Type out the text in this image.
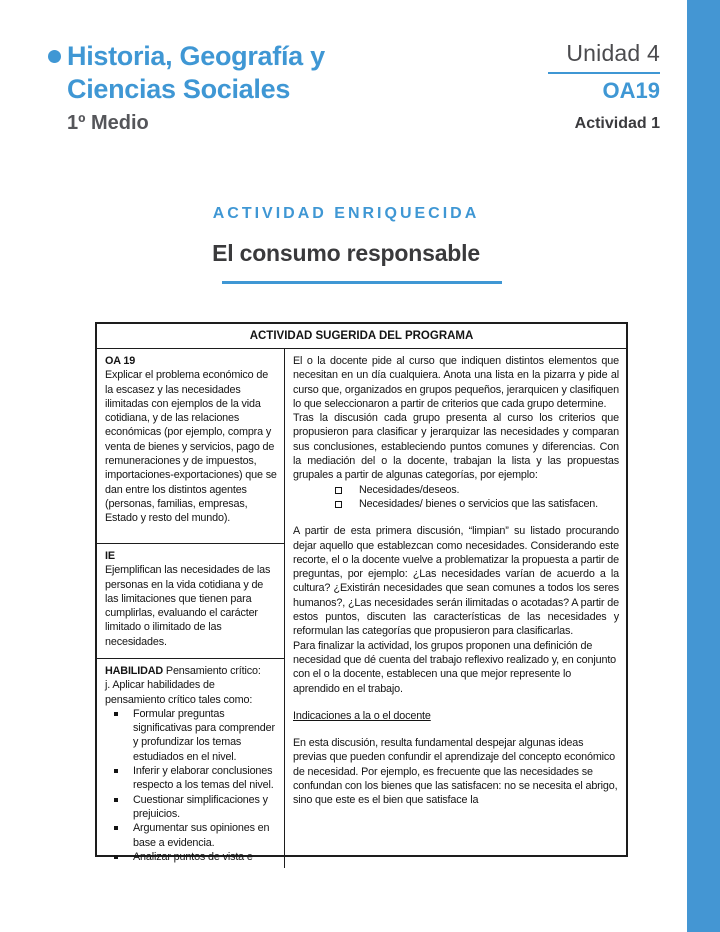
Historia, Geografía y
Ciencias Sociales
1º Medio
Unidad 4
OA19
Actividad 1
ACTIVIDAD ENRIQUECIDA
El consumo responsable
ACTIVIDAD SUGERIDA DEL PROGRAMA
OA 19
Explicar el problema económico de la escasez y las necesidades ilimitadas con ejemplos de la vida cotidiana, y de las relaciones económicas (por ejemplo, compra y venta de bienes y servicios, pago de remuneraciones y de impuestos, importaciones-exportaciones) que se dan entre los distintos agentes (personas, familias, empresas, Estado y resto del mundo).
IE
Ejemplifican las necesidades de las personas en la vida cotidiana y de las limitaciones que tienen para cumplirlas, evaluando el carácter limitado o ilimitado de las necesidades.
HABILIDAD Pensamiento crítico:
j. Aplicar habilidades de pensamiento crítico tales como:
Formular preguntas significativas para comprender y profundizar los temas estudiados en el nivel.
Inferir y elaborar conclusiones respecto a los temas del nivel.
Cuestionar simplificaciones y prejuicios.
Argumentar sus opiniones en base a evidencia.
Analizar puntos de vista e

El o la docente pide al curso que indiquen distintos elementos que necesitan en un día cualquiera. Anota una lista en la pizarra y pide al curso que, organizados en grupos pequeños, jerarquicen y clasifiquen lo que seleccionaron a partir de criterios que cada grupo determine.

Tras la discusión cada grupo presenta al curso los criterios que propusieron para clasificar y jerarquizar las necesidades y comparan sus conclusiones, estableciendo puntos comunes y diferencias. Con la mediación del o la docente, trabajan la lista y las propuestas grupales a partir de algunas categorías, por ejemplo:

Necesidades/deseos.
Necesidades/ bienes o servicios que las satisfacen.

A partir de esta primera discusión, “limpian” su listado procurando dejar aquello que establezcan como necesidades. Considerando este recorte, el o la docente vuelve a problematizar la propuesta a partir de preguntas, por ejemplo: ¿Las necesidades varían de acuerdo a la cultura? ¿Existirán necesidades que sean comunes a todos los seres humanos?, ¿Las necesidades serán ilimitadas o acotadas? A partir de estos puntos, discuten las características de las necesidades y reformulan las categorías que propusieron para clasificarlas.

Para finalizar la actividad, los grupos proponen una definición de necesidad que dé cuenta del trabajo reflexivo realizado y, en conjunto con el o la docente, establecen una que mejor represente lo aprendido en el trabajo.

Indicaciones a la o el docente

En esta discusión, resulta fundamental despejar algunas ideas previas que pueden confundir el aprendizaje del concepto económico de necesidad. Por ejemplo, es frecuente que las necesidades se confundan con los bienes que las satisfacen: no se necesita el abrigo, sino que este es el bien que satisface la
